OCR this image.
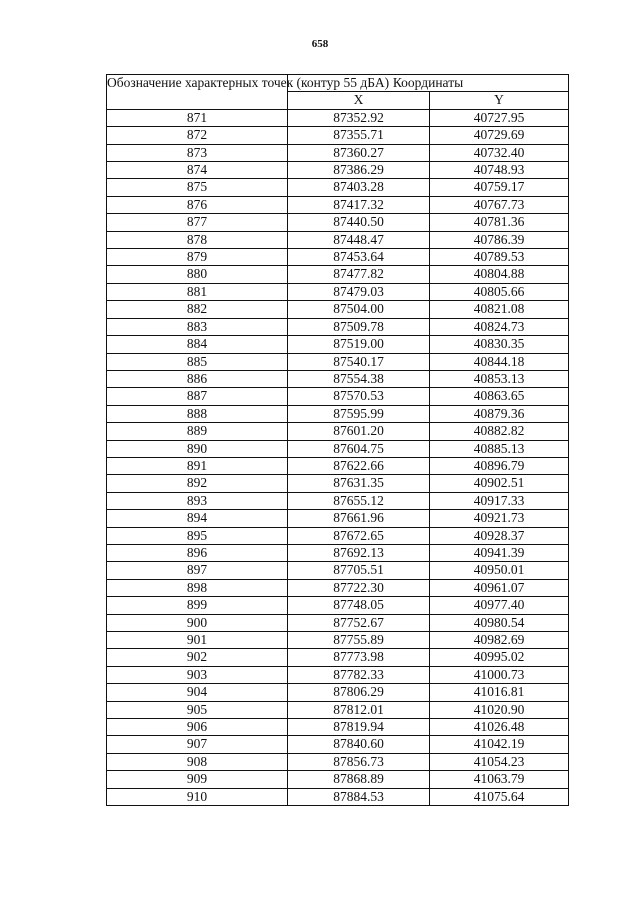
658
Обозначение характерных точек (контур 55 дБА)	Координаты	
	X	Y
871	87352.92	40727.95
872	87355.71	40729.69
873	87360.27	40732.40
874	87386.29	40748.93
875	87403.28	40759.17
876	87417.32	40767.73
877	87440.50	40781.36
878	87448.47	40786.39
879	87453.64	40789.53
880	87477.82	40804.88
881	87479.03	40805.66
882	87504.00	40821.08
883	87509.78	40824.73
884	87519.00	40830.35
885	87540.17	40844.18
886	87554.38	40853.13
887	87570.53	40863.65
888	87595.99	40879.36
889	87601.20	40882.82
890	87604.75	40885.13
891	87622.66	40896.79
892	87631.35	40902.51
893	87655.12	40917.33
894	87661.96	40921.73
895	87672.65	40928.37
896	87692.13	40941.39
897	87705.51	40950.01
898	87722.30	40961.07
899	87748.05	40977.40
900	87752.67	40980.54
901	87755.89	40982.69
902	87773.98	40995.02
903	87782.33	41000.73
904	87806.29	41016.81
905	87812.01	41020.90
906	87819.94	41026.48
907	87840.60	41042.19
908	87856.73	41054.23
909	87868.89	41063.79
910	87884.53	41075.64
